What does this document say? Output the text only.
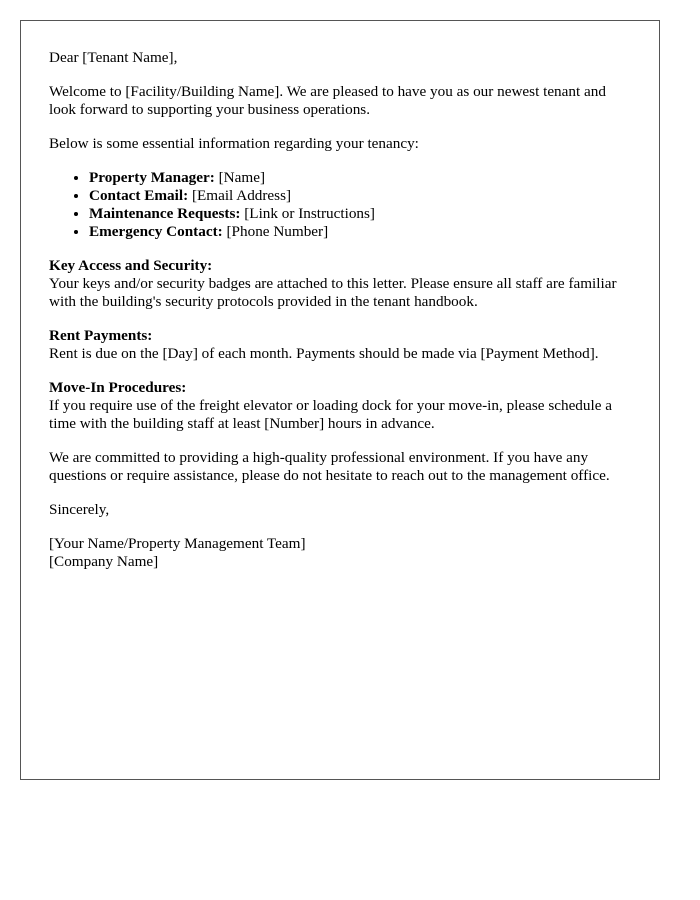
Dear [Tenant Name],

Welcome to [Facility/Building Name]. We are pleased to have you as our newest tenant and look forward to supporting your business operations.

Below is some essential information regarding your tenancy:

• Property Manager: [Name]
• Contact Email: [Email Address]
• Maintenance Requests: [Link or Instructions]
• Emergency Contact: [Phone Number]

Key Access and Security:
Your keys and/or security badges are attached to this letter. Please ensure all staff are familiar with the building's security protocols provided in the tenant handbook.

Rent Payments:
Rent is due on the [Day] of each month. Payments should be made via [Payment Method].

Move-In Procedures:
If you require use of the freight elevator or loading dock for your move-in, please schedule a time with the building staff at least [Number] hours in advance.

We are committed to providing a high-quality professional environment. If you have any questions or require assistance, please do not hesitate to reach out to the management office.

Sincerely,

[Your Name/Property Management Team]
[Company Name]
